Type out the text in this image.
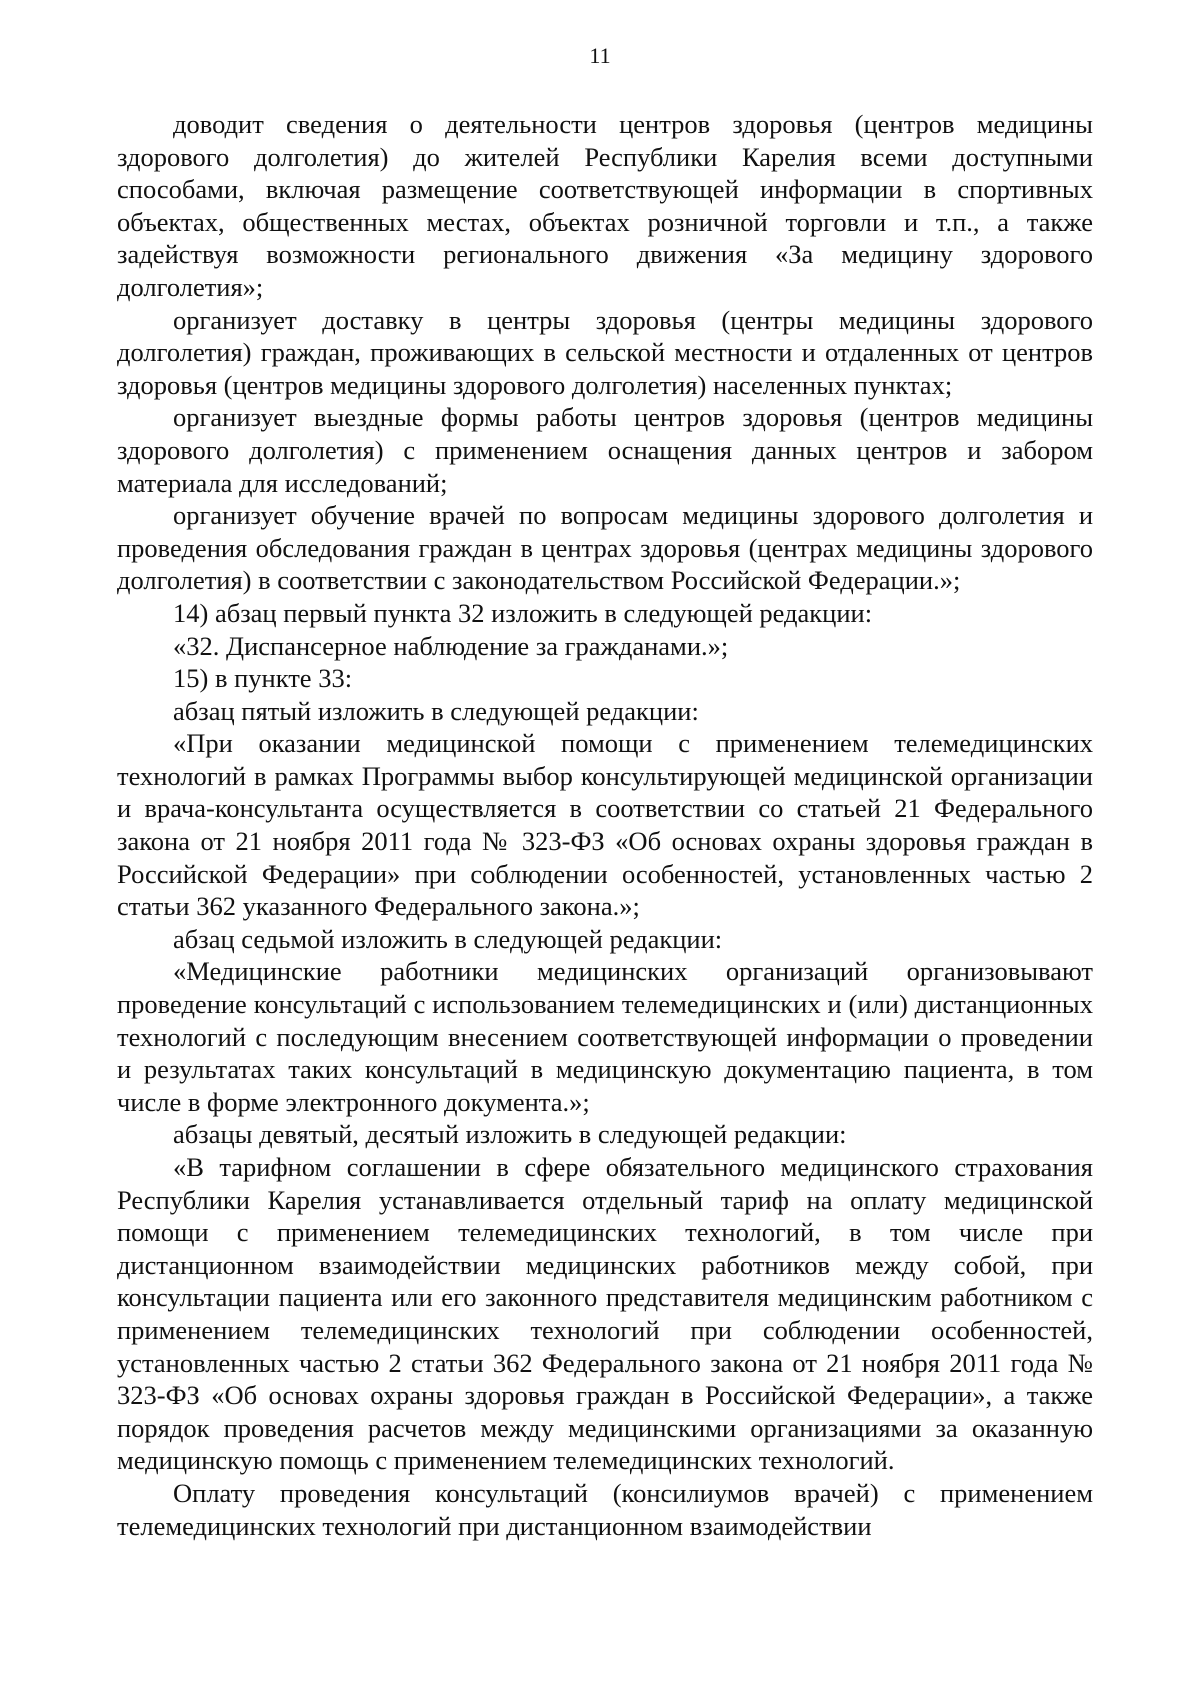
11

доводит сведения о деятельности центров здоровья (центров медицины здорового долголетия) до жителей Республики Карелия всеми доступными способами, включая размещение соответствующей информации в спортивных объектах, общественных местах, объектах розничной торговли и т.п., а также задействуя возможности регионального движения «За медицину здорового долголетия»;

организует доставку в центры здоровья (центры медицины здорового долголетия) граждан, проживающих в сельской местности и отдаленных от центров здоровья (центров медицины здорового долголетия) населенных пунктах;

организует выездные формы работы центров здоровья (центров медицины здорового долголетия) с применением оснащения данных центров и забором материала для исследований;

организует обучение врачей по вопросам медицины здорового долголетия и проведения обследования граждан в центрах здоровья (центрах медицины здорового долголетия) в соответствии с законодательством Российской Федерации.»;

14) абзац первый пункта 32 изложить в следующей редакции:

«32. Диспансерное наблюдение за гражданами.»;

15) в пункте 33:

абзац пятый изложить в следующей редакции:

«При оказании медицинской помощи с применением телемедицинских технологий в рамках Программы выбор консультирующей медицинской организации и врача-консультанта осуществляется в соответствии со статьей 21 Федерального закона от 21 ноября 2011 года № 323-ФЗ «Об основах охраны здоровья граждан в Российской Федерации» при соблюдении особенностей, установленных частью 2 статьи 362 указанного Федерального закона.»;

абзац седьмой изложить в следующей редакции:

«Медицинские работники медицинских организаций организовывают проведение консультаций с использованием телемедицинских и (или) дистанционных технологий с последующим внесением соответствующей информации о проведении и результатах таких консультаций в медицинскую документацию пациента, в том числе в форме электронного документа.»;

абзацы девятый, десятый изложить в следующей редакции:

«В тарифном соглашении в сфере обязательного медицинского страхования Республики Карелия устанавливается отдельный тариф на оплату медицинской помощи с применением телемедицинских технологий, в том числе при дистанционном взаимодействии медицинских работников между собой, при консультации пациента или его законного представителя медицинским работником с применением телемедицинских технологий при соблюдении особенностей, установленных частью 2 статьи 362 Федерального закона от 21 ноября 2011 года № 323-ФЗ «Об основах охраны здоровья граждан в Российской Федерации», а также порядок проведения расчетов между медицинскими организациями за оказанную медицинскую помощь с применением телемедицинских технологий.

Оплату проведения консультаций (консилиумов врачей) с применением телемедицинских технологий при дистанционном взаимодействии
